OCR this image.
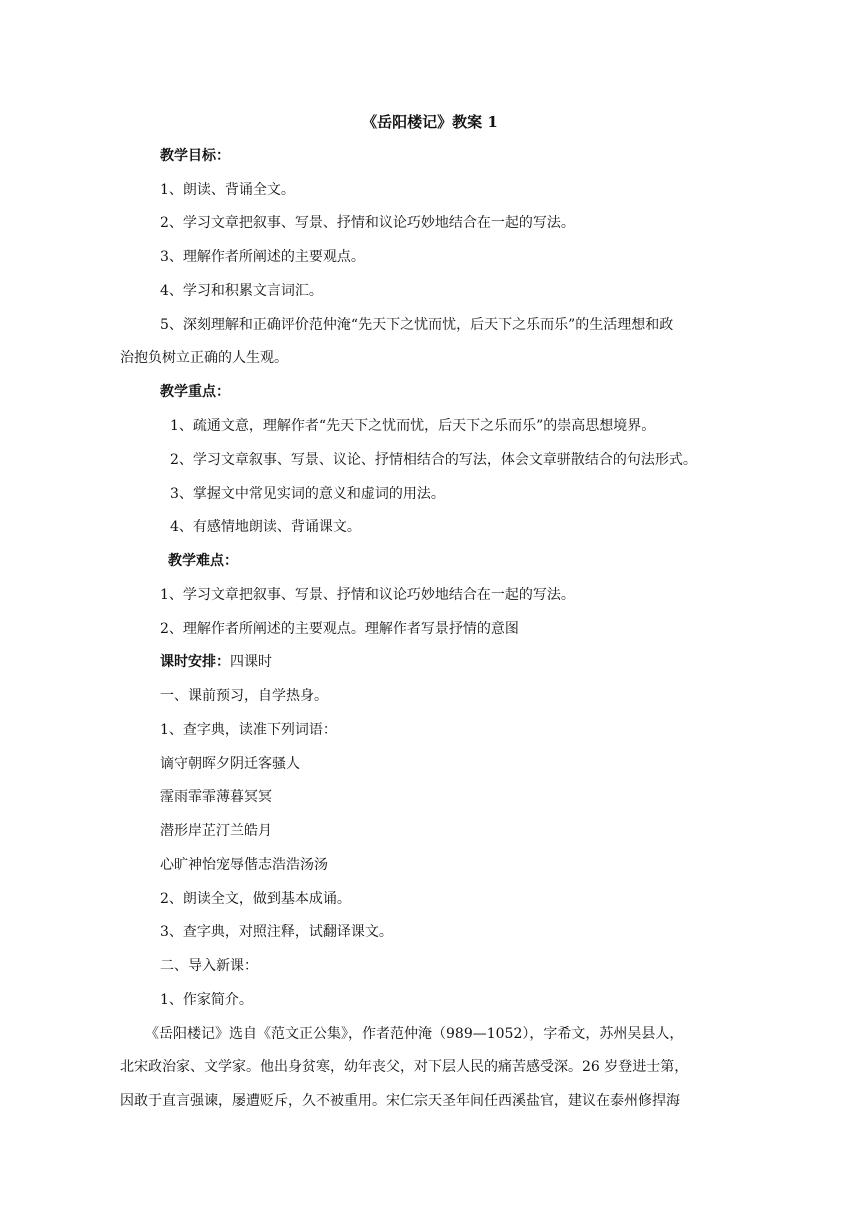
《岳阳楼记》教案 1
教学目标：
1、朗读、背诵全文。
2、学习文章把叙事、写景、抒情和议论巧妙地结合在一起的写法。
3、理解作者所阐述的主要观点。
4、学习和积累文言词汇。
5、深刻理解和正确评价范仲淹“先天下之忧而忧，后天下之乐而乐”的生活理想和政
治抱负树立正确的人生观。
教学重点：
1、疏通文意，理解作者“先天下之忧而忧，后天下之乐而乐”的崇高思想境界。
2、学习文章叙事、写景、议论、抒情相结合的写法，体会文章骈散结合的句法形式。
3、掌握文中常见实词的意义和虚词的用法。
4、有感情地朗读、背诵课文。
教学难点：
1、学习文章把叙事、写景、抒情和议论巧妙地结合在一起的写法。
2、理解作者所阐述的主要观点。理解作者写景抒情的意图
课时安排：四课时
一、课前预习，自学热身。
1、查字典，读准下列词语：
谪守朝晖夕阴迁客骚人
霪雨霏霏薄暮冥冥
潜形岸芷汀兰皓月
心旷神怡宠辱偕志浩浩汤汤
2、朗读全文，做到基本成诵。
3、查字典，对照注释，试翻译课文。
二、导入新课：
1、作家简介。
《岳阳楼记》选自《范文正公集》，作者范仲淹（989—1052），字希文，苏州吴县人，
北宋政治家、文学家。他出身贫寒，幼年丧父，对下层人民的痛苦感受深。26 岁登进士第，
因敢于直言强谏，屡遭贬斥，久不被重用。宋仁宗天圣年间任西溪盐官，建议在泰州修捍海
